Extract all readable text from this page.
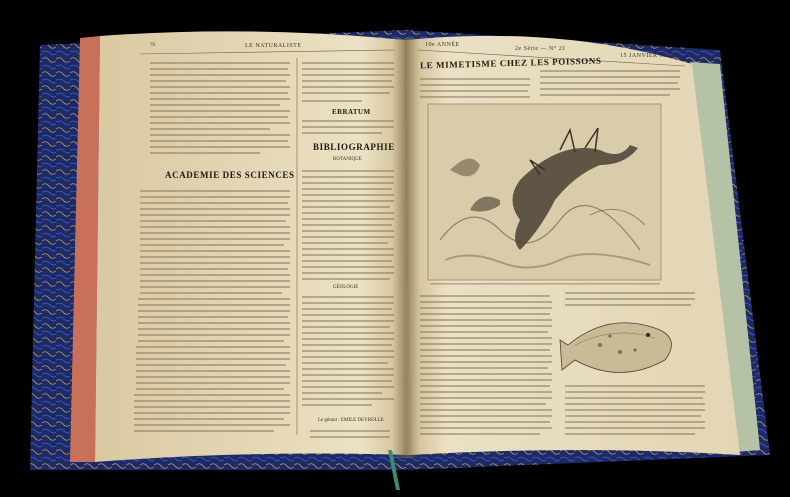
76	LE NATURALISTE
ACADEMIE DES SCIENCES
ERRATUM
BIBLIOGRAPHIE
BOTANIQUE
GÉOLOGIE
Le gérant : EMILE DEYROLLE
10e ANNÉE
2e Série — N° 21
15 JANVIER 1888
LE MIMETISME CHEZ LES POISSONS
